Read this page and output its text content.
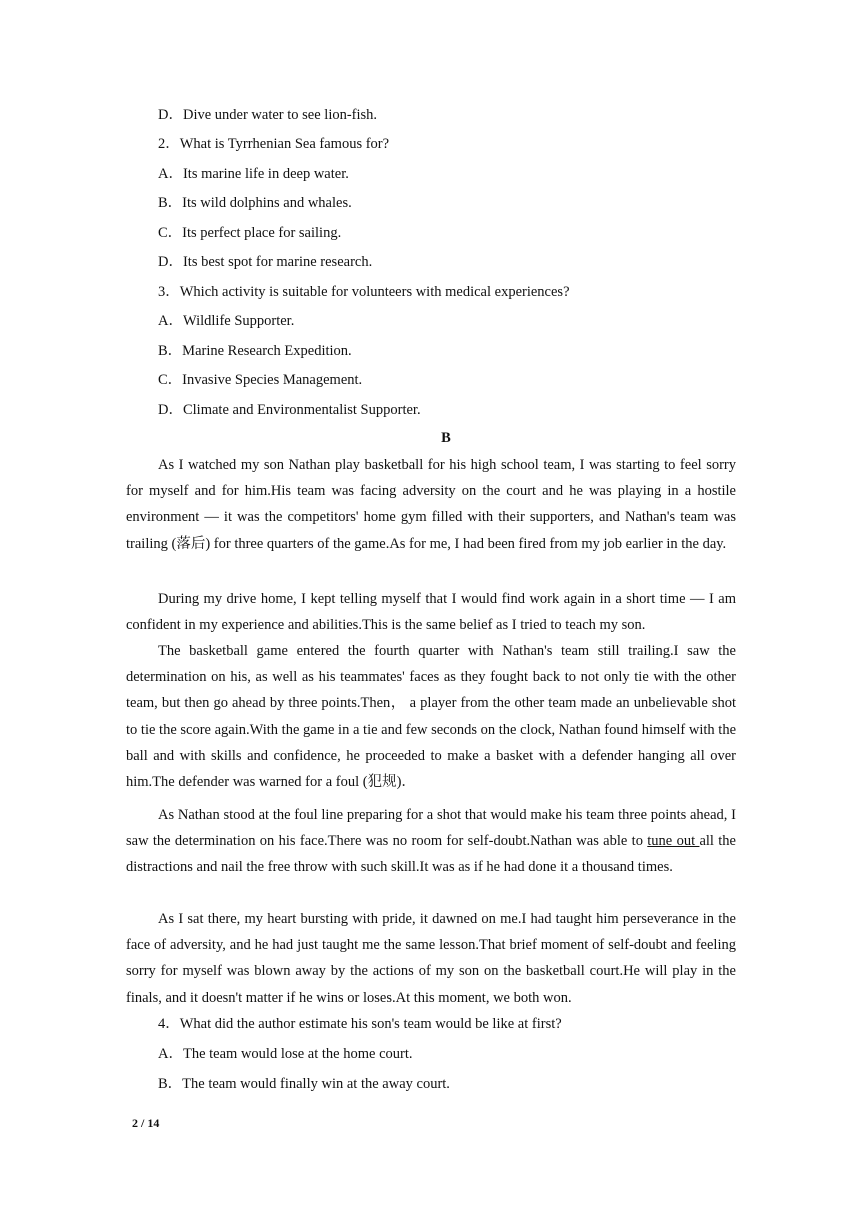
D．Dive under water to see lion-fish.
2．What is Tyrrhenian Sea famous for?
A．Its marine life in deep water.
B．Its wild dolphins and whales.
C．Its perfect place for sailing.
D．Its best spot for marine research.
3．Which activity is suitable for volunteers with medical experiences?
A．Wildlife Supporter.
B．Marine Research Expedition.
C．Invasive Species Management.
D．Climate and Environmentalist Supporter.
B

As I watched my son Nathan play basketball for his high school team, I was starting to feel sorry for myself and for him.His team was facing adversity on the court and he was playing in a hostile environment — it was the competitors' home gym filled with their supporters, and Nathan's team was trailing (落后) for three quarters of the game.As for me, I had been fired from my job earlier in the day.

During my drive home, I kept telling myself that I would find work again in a short time — I am confident in my experience and abilities.This is the same belief as I tried to teach my son.

The basketball game entered the fourth quarter with Nathan's team still trailing.I saw the determination on his, as well as his teammates' faces as they fought back to not only tie with the other team, but then go ahead by three points.Then， a player from the other team made an unbelievable shot to tie the score again.With the game in a tie and few seconds on the clock, Nathan found himself with the ball and with skills and confidence, he proceeded to make a basket with a defender hanging all over him.The defender was warned for a foul (犯规)．

As Nathan stood at the foul line preparing for a shot that would make his team three points ahead, I saw the determination on his face.There was no room for self-doubt.Nathan was able to tune out all the distractions and nail the free throw with such skill.It was as if he had done it a thousand times.

As I sat there, my heart bursting with pride, it dawned on me.I had taught him perseverance in the face of adversity, and he had just taught me the same lesson.That brief moment of self-doubt and feeling sorry for myself was blown away by the actions of my son on the basketball court.He will play in the finals, and it doesn't matter if he wins or loses.At this moment, we both won.

4．What did the author estimate his son's team would be like at first?
A．The team would lose at the home court.
B．The team would finally win at the away court.
2 / 14
